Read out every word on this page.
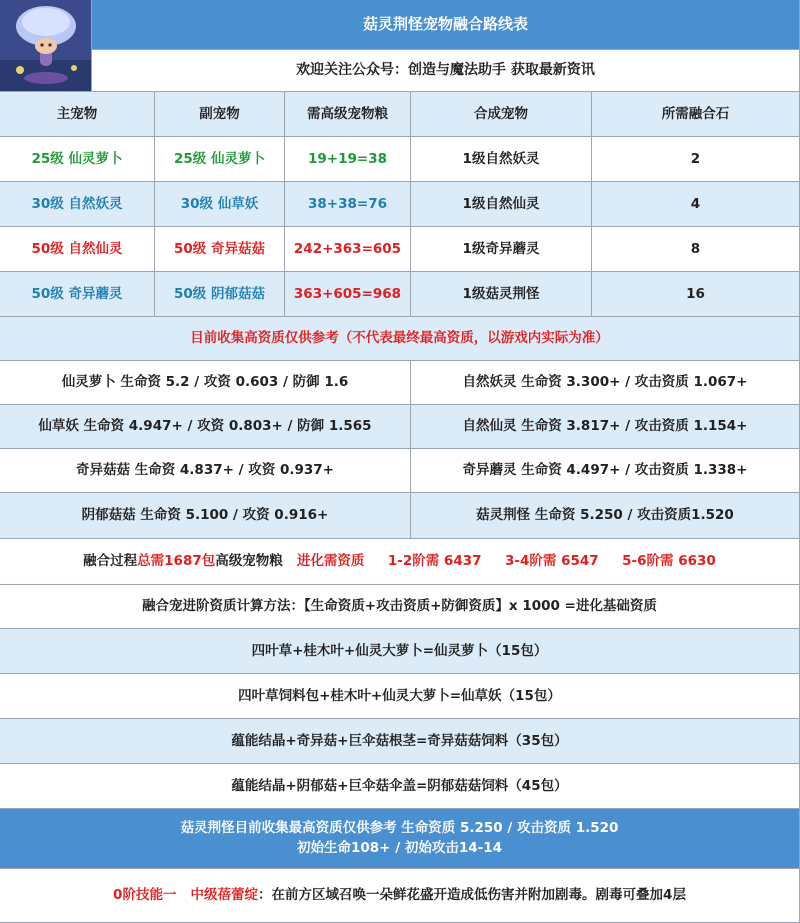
菇灵荆怪宠物融合路线表
欢迎关注公众号：创造与魔法助手 获取最新资讯
主宠物	副宠物	需高级宠物粮	合成宠物	所需融合石
25级 仙灵萝卜	25级 仙灵萝卜	19+19=38	1级自然妖灵	2
30级 自然妖灵	30级 仙草妖	38+38=76	1级自然仙灵	4
50级 自然仙灵	50级 奇异菇菇	242+363=605	1级奇异蘑灵	8
50级 奇异蘑灵	50级 阴郁菇菇	363+605=968	1级菇灵荆怪	16
目前收集高资质仅供参考（不代表最终最高资质，以游戏内实际为准）
仙灵萝卜 生命资 5.2 / 攻资 0.603 / 防御 1.6	自然妖灵 生命资 3.300+ / 攻击资质 1.067+
仙草妖 生命资 4.947+ / 攻资 0.803+ / 防御 1.565	自然仙灵 生命资 3.817+ / 攻击资质 1.154+
奇异菇菇 生命资 4.837+ / 攻资 0.937+	奇异蘑灵 生命资 4.497+ / 攻击资质 1.338+
阴郁菇菇 生命资 5.100 / 攻资 0.916+	菇灵荆怪 生命资 5.250 / 攻击资质1.520
融合过程 总需1687包 高级宠物粮 进化需资质     1-2阶需 6437     3-4阶需 6547     5-6阶需 6630
融合宠进阶资质计算方法：【生命资质+攻击资质+防御资质】x 1000 =进化基础资质
四叶草+桂木叶+仙灵大萝卜=仙灵萝卜（15包）
四叶草饲料包+桂木叶+仙灵大萝卜=仙草妖（15包）
蕴能结晶+奇异菇+巨伞菇根茎=奇异菇菇饲料（35包）
蕴能结晶+阴郁菇+巨伞菇伞盖=阴郁菇菇饲料（45包）
菇灵荆怪目前收集最高资质仅供参考 生命资质 5.250 / 攻击资质 1.520
初始生命108+ / 初始攻击14-14
0阶技能一   中级蓓蕾绽 ：在前方区域召唤一朵鲜花盛开造成低伤害并附加剧毒。剧毒可叠加4层
